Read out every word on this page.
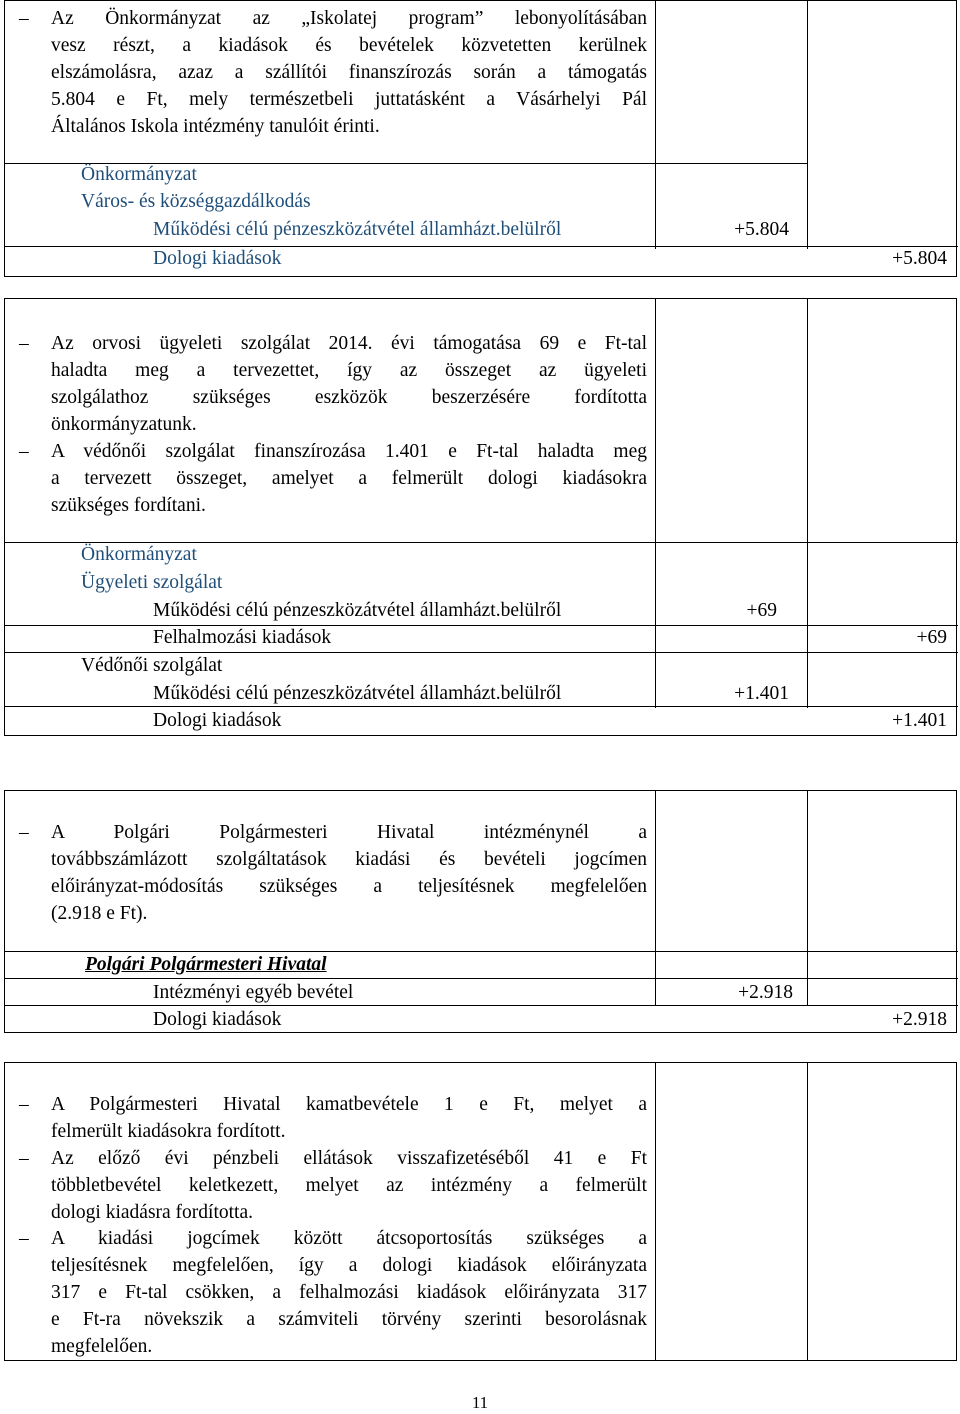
– Az Önkormányzat az „Iskolatej program” lebonyolításában
vesz részt, a kiadások és bevételek közvetetten kerülnek
elszámolásra, azaz a szállítói finanszírozás során a támogatás
5.804 e Ft, mely természetbeli juttatásként a Vásárhelyi Pál
Általános Iskola intézmény tanulóit érinti.
Önkormányzat
Város- és községgazdálkodás
Működési célú pénzeszközátvétel államházt.belülről	+5.804
Dologi kiadások	+5.804
– Az orvosi ügyeleti szolgálat 2014. évi támogatása 69 e Ft-tal
haladta meg a tervezettet, így az összeget az ügyeleti
szolgálathoz szükséges eszközök beszerzésére fordította
önkormányzatunk.
– A védőnői szolgálat finanszírozása 1.401 e Ft-tal haladta meg
a tervezett összeget, amelyet a felmerült dologi kiadásokra
szükséges fordítani.
Önkormányzat
Ügyeleti szolgálat
Működési célú pénzeszközátvétel államházt.belülről	+69
Felhalmozási kiadások	+69
Védőnői szolgálat
Működési célú pénzeszközátvétel államházt.belülről	+1.401
Dologi kiadások	+1.401
– A Polgári Polgármesteri Hivatal intézménynél a
továbbszámlázott szolgáltatások kiadási és bevételi jogcímen
előirányzat-módosítás szükséges a teljesítésnek megfelelően
(2.918 e Ft).
Polgári Polgármesteri Hivatal
Intézményi egyéb bevétel	+2.918
Dologi kiadások	+2.918
– A Polgármesteri Hivatal kamatbevétele 1 e Ft, melyet a
felmerült kiadásokra fordított.
– Az előző évi pénzbeli ellátások visszafizetéséből 41 e Ft
többletbevétel keletkezett, melyet az intézmény a felmerült
dologi kiadásra fordította.
– A kiadási jogcímek között átcsoportosítás szükséges a
teljesítésnek megfelelően, így a dologi kiadások előirányzata
317 e Ft-tal csökken, a felhalmozási kiadások előirányzata 317
e Ft-ra növekszik a számviteli törvény szerinti besorolásnak
megfelelően.
11
